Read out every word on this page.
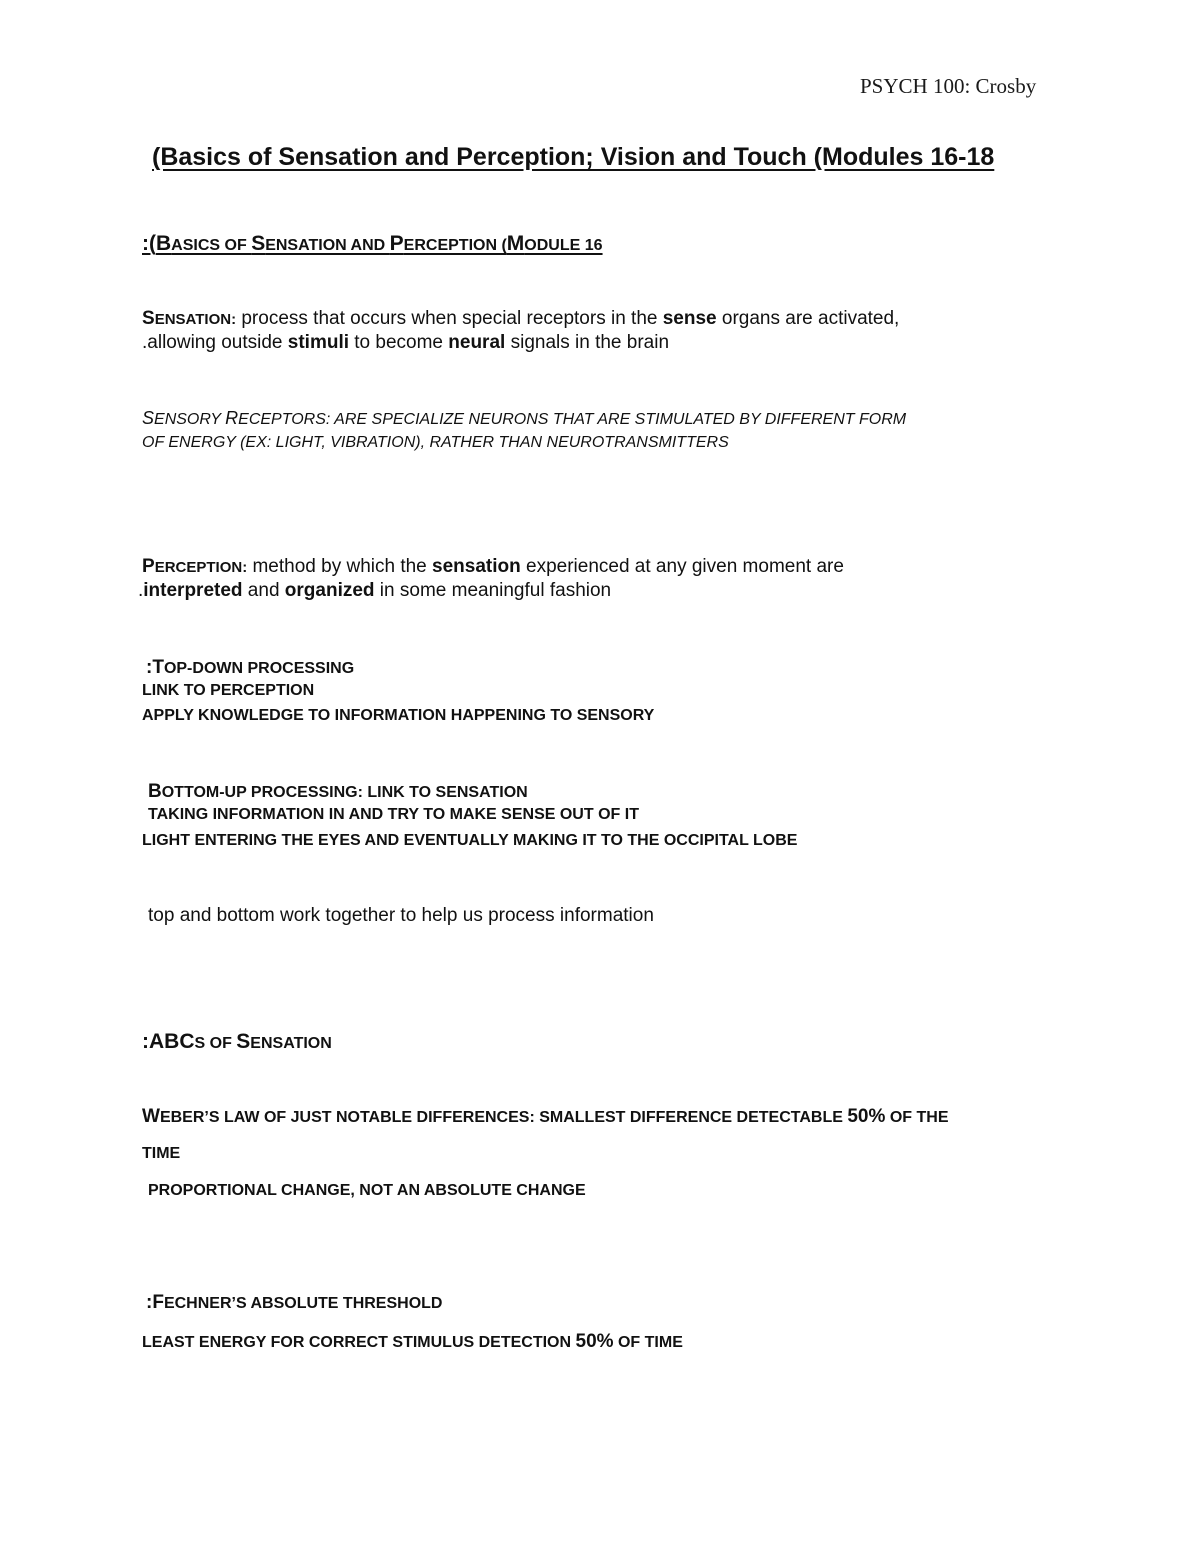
PSYCH 100: Crosby
(Basics of Sensation and Perception; Vision and Touch (Modules 16-18
:(BASICS OF SENSATION AND PERCEPTION (MODULE 16
SENSATION: process that occurs when special receptors in the sense organs are activated,
.allowing outside stimuli to become neural signals in the brain
SENSORY RECEPTORS: ARE SPECIALIZE NEURONS THAT ARE STIMULATED BY DIFFERENT FORM
OF ENERGY (EX: LIGHT, VIBRATION), RATHER THAN NEUROTRANSMITTERS
PERCEPTION: method by which the sensation experienced at any given moment are
.interpreted and organized in some meaningful fashion
:TOP-DOWN PROCESSING
LINK TO PERCEPTION
APPLY KNOWLEDGE TO INFORMATION HAPPENING TO SENSORY
BOTTOM-UP PROCESSING: LINK TO SENSATION
TAKING INFORMATION IN AND TRY TO MAKE SENSE OUT OF IT
LIGHT ENTERING THE EYES AND EVENTUALLY MAKING IT TO THE OCCIPITAL LOBE
top and bottom work together to help us process information
:ABCS OF SENSATION
WEBER’S LAW OF JUST NOTABLE DIFFERENCES: SMALLEST DIFFERENCE DETECTABLE 50% OF THE
TIME
PROPORTIONAL CHANGE, NOT AN ABSOLUTE CHANGE
:FECHNER’S ABSOLUTE THRESHOLD
LEAST ENERGY FOR CORRECT STIMULUS DETECTION 50% OF TIME
